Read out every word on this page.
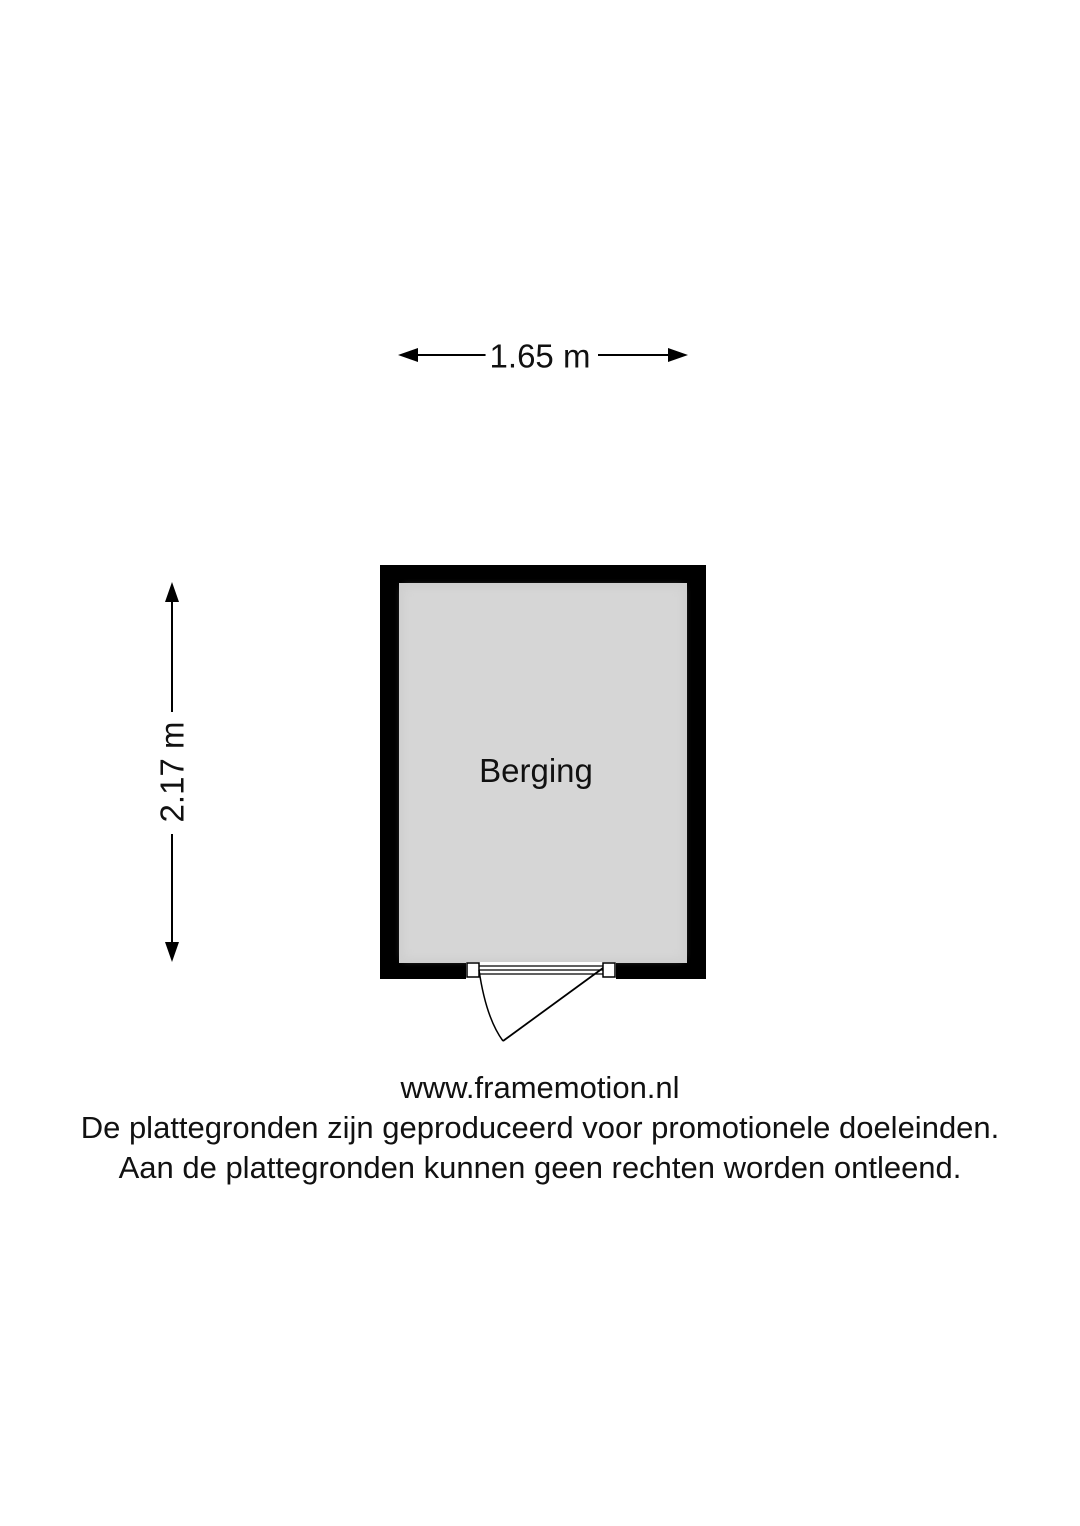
1.65 m
2.17 m	Berging
www.framemotion.nl
De plattegronden zijn geproduceerd voor promotionele doeleinden.
Aan de plattegronden kunnen geen rechten worden ontleend.
